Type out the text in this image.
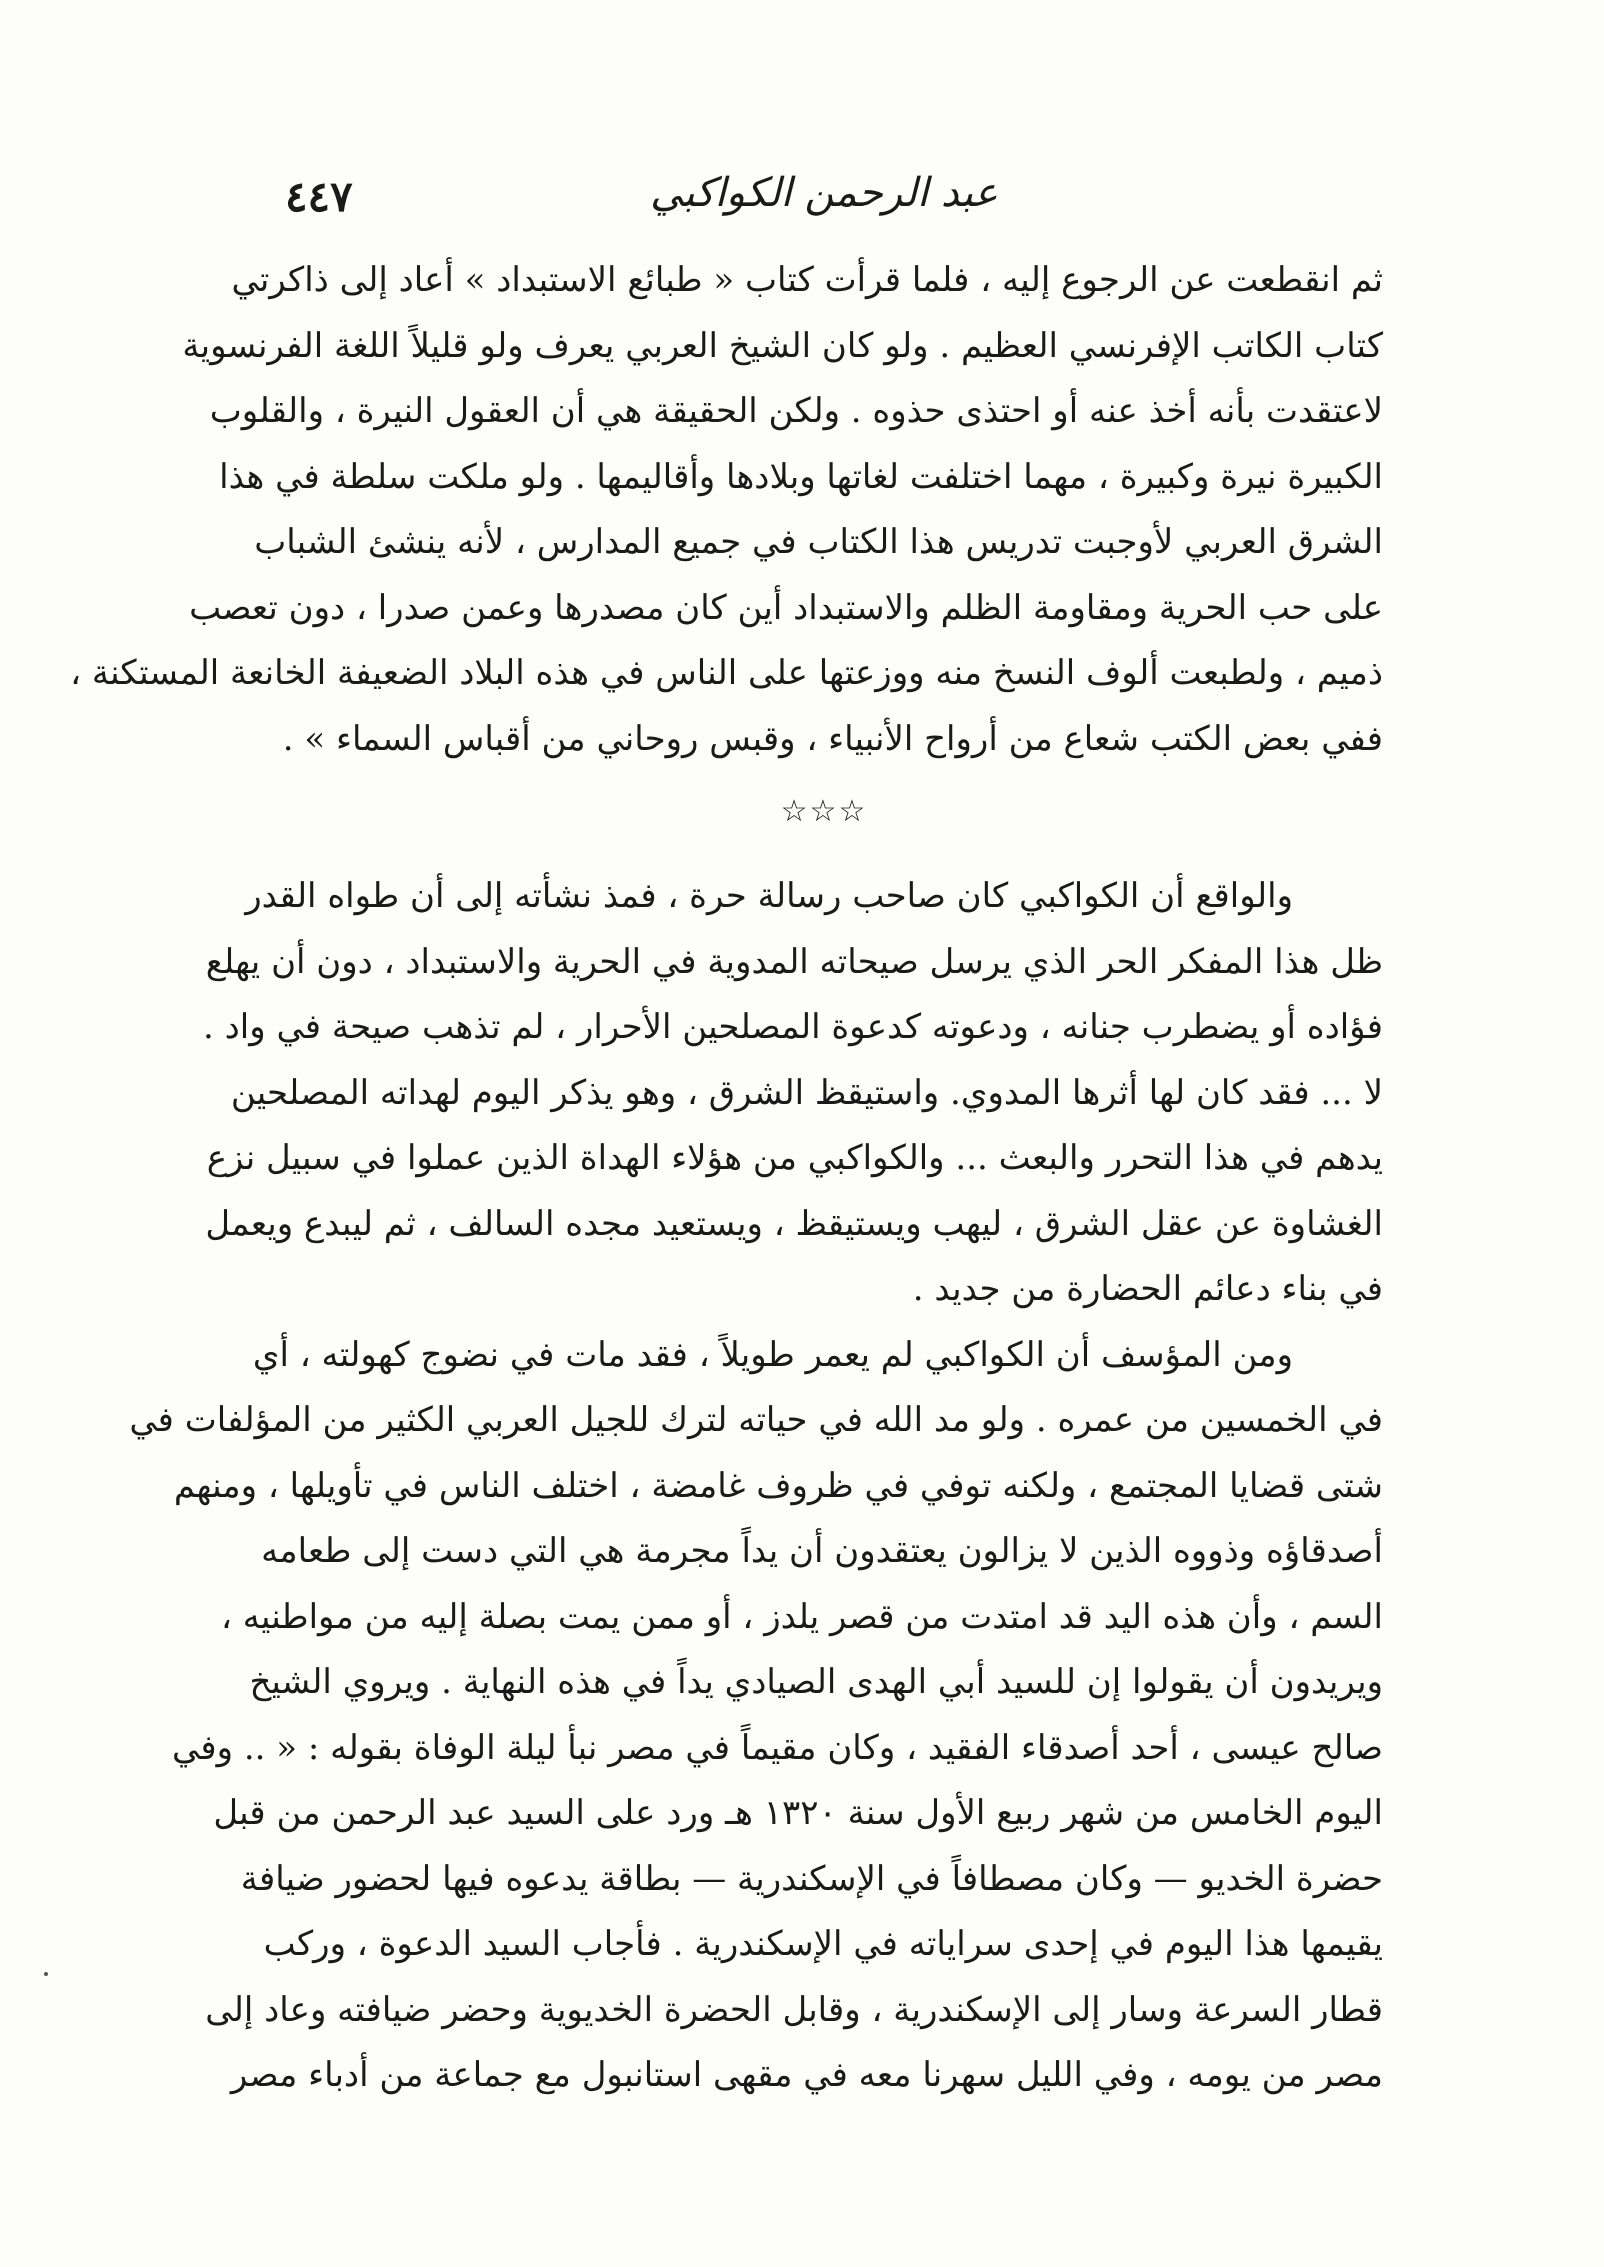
عبد الرحمن الكواكبي
٤٤٧
ثم انقطعت عن الرجوع إليه ، فلما قرأت كتاب « طبائع الاستبداد » أعاد إلى ذاكرتي
كتاب الكاتب الإفرنسي العظيم . ولو كان الشيخ العربي يعرف ولو قليلاً اللغة الفرنسوية
لاعتقدت بأنه أخذ عنه أو احتذى حذوه . ولكن الحقيقة هي أن العقول النيرة ، والقلوب
الكبيرة نيرة وكبيرة ، مهما اختلفت لغاتها وبلادها وأقاليمها . ولو ملكت سلطة في هذا
الشرق العربي لأوجبت تدريس هذا الكتاب في جميع المدارس ، لأنه ينشئ الشباب
على حب الحرية ومقاومة الظلم والاستبداد أين كان مصدرها وعمن صدرا ، دون تعصب
ذميم ، ولطبعت ألوف النسخ منه ووزعتها على الناس في هذه البلاد الضعيفة الخانعة المستكنة ،
ففي بعض الكتب شعاع من أرواح الأنبياء ، وقبس روحاني من أقباس السماء » .
☆☆☆
والواقع أن الكواكبي كان صاحب رسالة حرة ، فمذ نشأته إلى أن طواه القدر
ظل هذا المفكر الحر الذي يرسل صيحاته المدوية في الحرية والاستبداد ، دون أن يهلع
فؤاده أو يضطرب جنانه ، ودعوته كدعوة المصلحين الأحرار ، لم تذهب صيحة في واد .
لا ... فقد كان لها أثرها المدوي. واستيقظ الشرق ، وهو يذكر اليوم لهداته المصلحين
يدهم في هذا التحرر والبعث ... والكواكبي من هؤلاء الهداة الذين عملوا في سبيل نزع
الغشاوة عن عقل الشرق ، ليهب ويستيقظ ، ويستعيد مجده السالف ، ثم ليبدع ويعمل
في بناء دعائم الحضارة من جديد .
ومن المؤسف أن الكواكبي لم يعمر طويلاً ، فقد مات في نضوج كهولته ، أي
في الخمسين من عمره . ولو مد الله في حياته لترك للجيل العربي الكثير من المؤلفات في
شتى قضايا المجتمع ، ولكنه توفي في ظروف غامضة ، اختلف الناس في تأويلها ، ومنهم
أصدقاؤه وذووه الذين لا يزالون يعتقدون أن يداً مجرمة هي التي دست إلى طعامه
السم ، وأن هذه اليد قد امتدت من قصر يلدز ، أو ممن يمت بصلة إليه من مواطنيه ،
ويريدون أن يقولوا إن للسيد أبي الهدى الصيادي يداً في هذه النهاية . ويروي الشيخ
صالح عيسى ، أحد أصدقاء الفقيد ، وكان مقيماً في مصر نبأ ليلة الوفاة بقوله : « .. وفي
اليوم الخامس من شهر ربيع الأول سنة ١٣٢٠ هـ ورد على السيد عبد الرحمن من قبل
حضرة الخديو — وكان مصطافاً في الإسكندرية — بطاقة يدعوه فيها لحضور ضيافة
يقيمها هذا اليوم في إحدى سراياته في الإسكندرية . فأجاب السيد الدعوة ، وركب
قطار السرعة وسار إلى الإسكندرية ، وقابل الحضرة الخديوية وحضر ضيافته وعاد إلى
مصر من يومه ، وفي الليل سهرنا معه في مقهى استانبول مع جماعة من أدباء مصر
